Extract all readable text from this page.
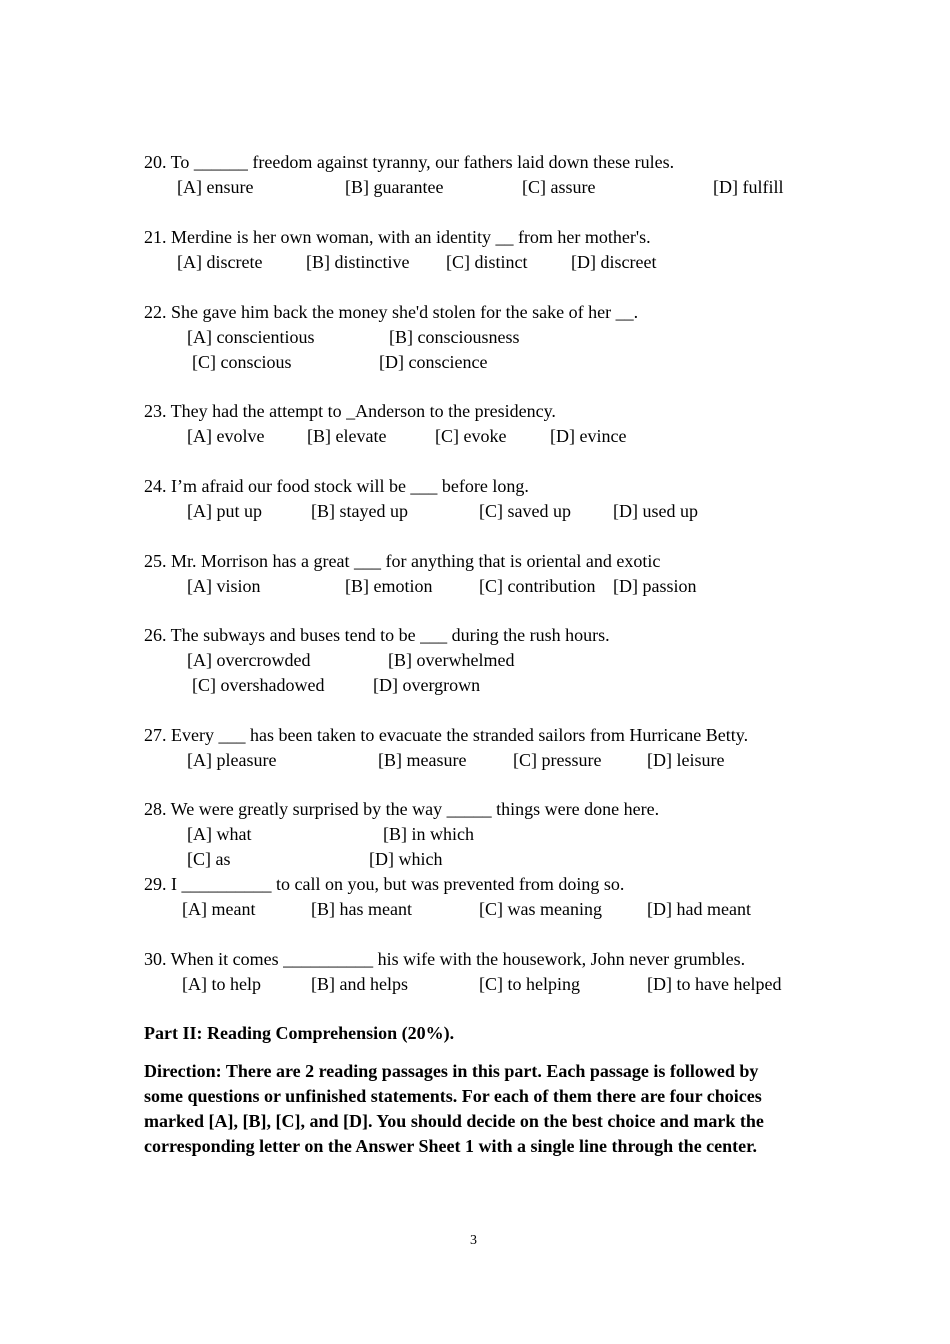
20. To ______ freedom against tyranny, our fathers laid down these rules.
[A] ensure	[B] guarantee	[C] assure	[D] fulfill
21. Merdine is her own woman, with an identity __ from her mother's.
[A] discrete [B] distinctive [C] distinct [D] discreet
22. She gave him back the money she'd stolen for the sake of her __.
[A] conscientious	[B] consciousness
[C] conscious	[D] conscience
23. They had the attempt to _Anderson to the presidency.
[A] evolve [B] elevate	[C] evoke [D] evince
24. I’m afraid our food stock will be ___ before long.
[A] put up	[B] stayed up	[C] saved up [D] used up
25. Mr. Morrison has a great ___ for anything that is oriental and exotic
[A] vision	[B] emotion	[C] contribution [D] passion
26. The subways and buses tend to be ___ during the rush hours.
[A] overcrowded	[B] overwhelmed
[C] overshadowed	[D] overgrown
27. Every ___ has been taken to evacuate the stranded sailors from Hurricane Betty.
[A] pleasure	[B] measure	[C] pressure	[D] leisure
28. We were greatly surprised by the way _____ things were done here.
[A] what	[B] in which
[C] as	[D] which
29. I __________ to call on you, but was prevented from doing so.
[A] meant	[B] has meant	[C] was meaning	[D] had meant
30. When it comes __________ his wife with the housework, John never grumbles.
[A] to help	[B] and helps	[C] to helping	[D] to have helped
Part II: Reading Comprehension (20%).
Direction: There are 2 reading passages in this part. Each passage is followed by
some questions or unfinished statements. For each of them there are four choices
marked [A], [B], [C], and [D]. You should decide on the best choice and mark the
corresponding letter on the Answer Sheet 1 with a single line through the center.
3
